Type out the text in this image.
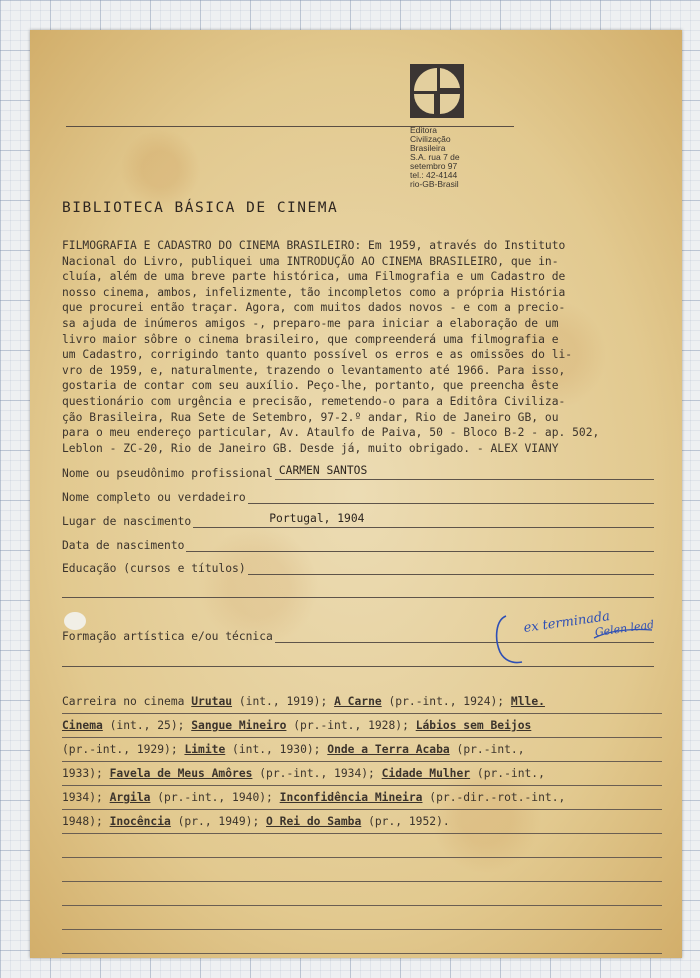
Editora
Civilização
Brasileira
S.A. rua 7 de
setembro 97
tel.: 42-4144
rio-GB-Brasil
BIBLIOTECA BÁSICA DE CINEMA
FILMOGRAFIA E CADASTRO DO CINEMA BRASILEIRO: Em 1959, através do Instituto
Nacional do Livro, publiquei uma INTRODUÇÃO AO CINEMA BRASILEIRO, que in-
cluía, além de uma breve parte histórica, uma Filmografia e um Cadastro de
nosso cinema, ambos, infelizmente, tão incompletos como a própria História
que procurei então traçar. Agora, com muitos dados novos - e com a precio-
sa ajuda de inúmeros amigos -, preparo-me para iniciar a elaboração de um
livro maior sôbre o cinema brasileiro, que compreenderá uma filmografia e
um Cadastro, corrigindo tanto quanto possível os erros e as omissões do li-
vro de 1959, e, naturalmente, trazendo o levantamento até 1966. Para isso,
gostaria de contar com seu auxílio. Peço-lhe, portanto, que preencha êste
questionário com urgência e precisão, remetendo-o para a Editôra Civiliza-
ção Brasileira, Rua Sete de Setembro, 97-2.º andar, Rio de Janeiro GB, ou
para o meu endereço particular, Av. Ataulfo de Paiva, 50 - Bloco B-2 - ap. 502,
Leblon - ZC-20, Rio de Janeiro GB. Desde já, muito obrigado. - ALEX VIANY
Nome ou pseudônimo profissional CARMEN SANTOS
Nome completo ou verdadeiro
Lugar de nascimento	Portugal, 1904
Data de nascimento
Educação (cursos e títulos)
Formação artística e/ou técnica
ex terminada
Gelen lead
Carreira no cinema Urutau (int., 1919); A Carne (pr.-int., 1924); Mlle.
Cinema (int., 25); Sangue Mineiro (pr.-int., 1928); Lábios sem Beijos
(pr.-int., 1929); Limite (int., 1930); Onde a Terra Acaba (pr.-int.,
1933); Favela de Meus Amôres (pr.-int., 1934); Cidade Mulher (pr.-int.,
1934); Argila (pr.-int., 1940); Inconfidência Mineira (pr.-dir.-rot.-int.,
1948); Inocência (pr., 1949); O Rei do Samba (pr., 1952).
